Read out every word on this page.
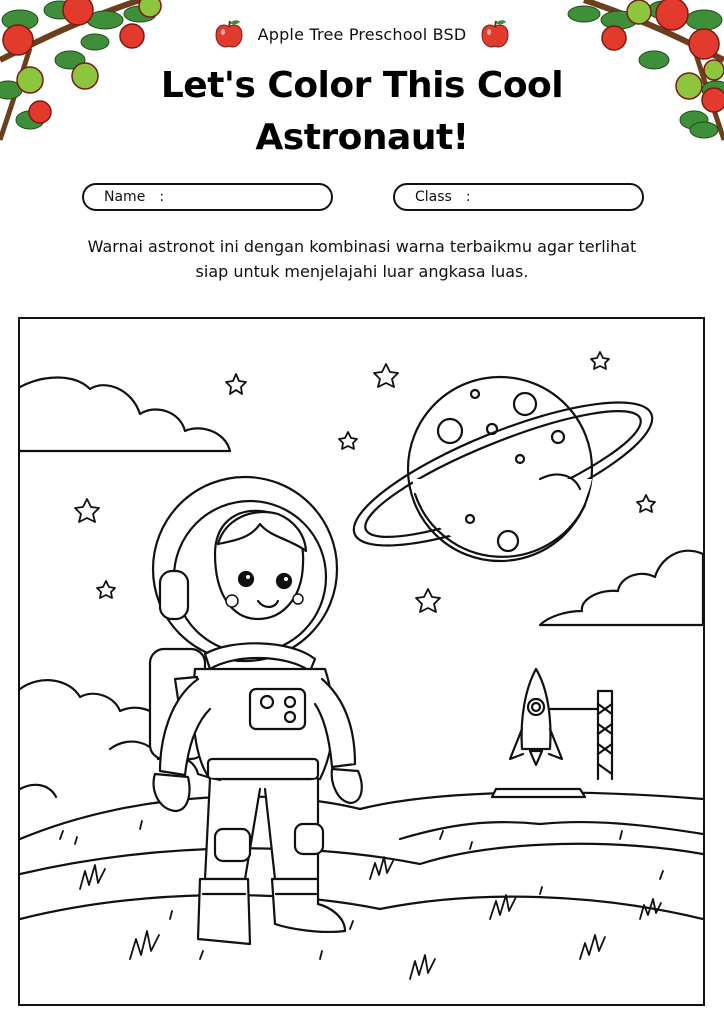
Apple Tree Preschool BSD
Let's Color This Cool
Astronaut!
Name :	Class :
Warnai astronot ini dengan kombinasi warna terbaikmu agar terlihat
siap untuk menjelajahi luar angkasa luas.
